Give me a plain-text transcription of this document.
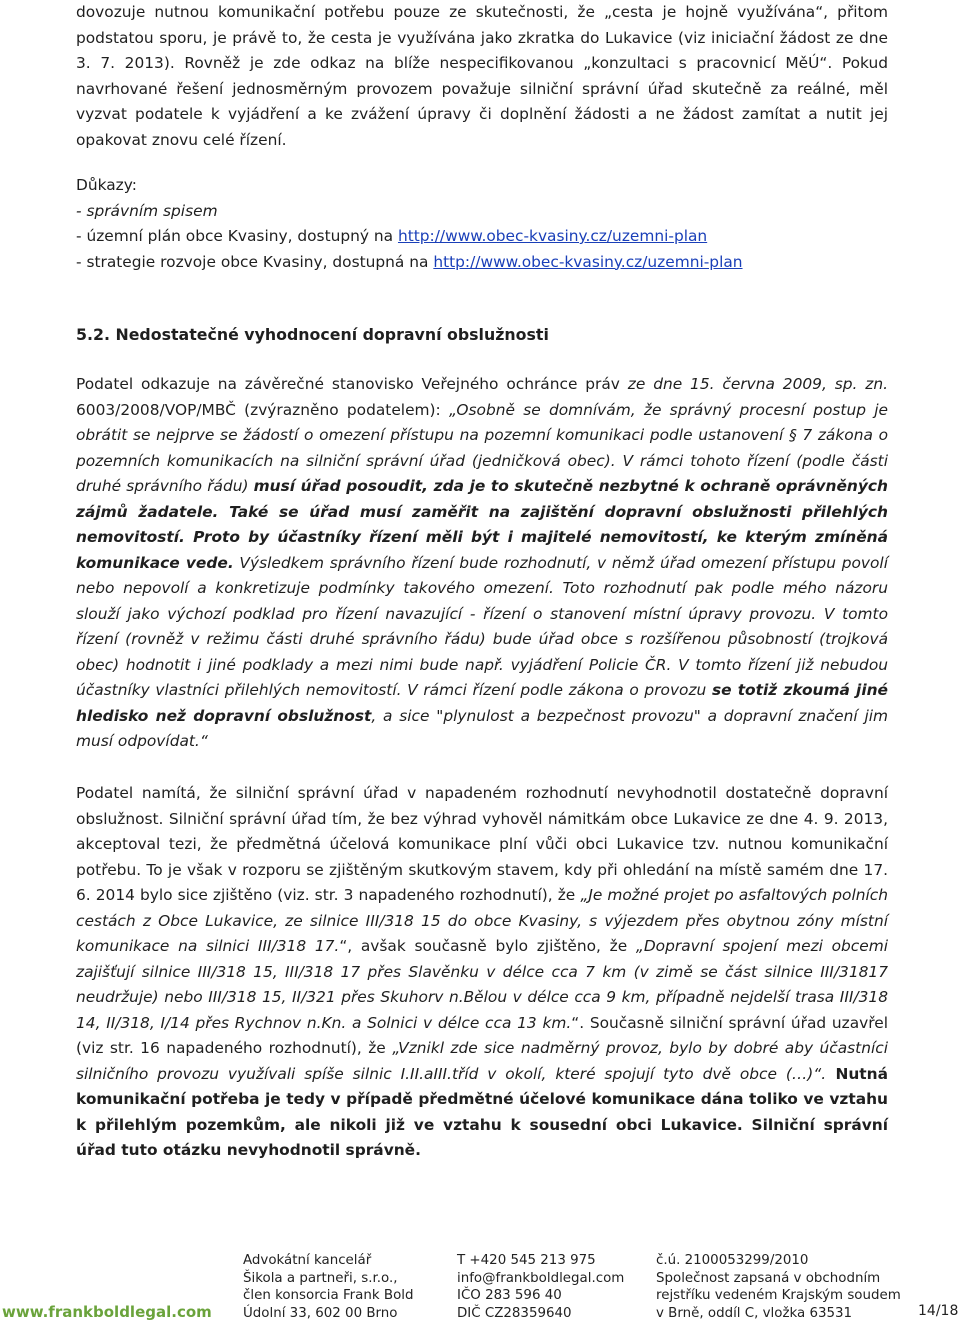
dovozuje nutnou komunikační potřebu pouze ze skutečnosti, že „cesta je hojně využívána“, přitom podstatou sporu, je právě to, že cesta je využívána jako zkratka do Lukavice (viz iniciační žádost ze dne 3. 7. 2013). Rovněž je zde odkaz na blíže nespecifikovanou „konzultaci s pracovnicí MěÚ“. Pokud navrhované řešení jednosměrným provozem považuje silniční správní úřad skutečně za reálné, měl vyzvat podatele k vyjádření a ke zvážení úpravy či doplnění žádosti a ne žádost zamítat a nutit jej opakovat znovu celé řízení.

Důkazy:
- správním spisem
- územní plán obce Kvasiny, dostupný na http://www.obec-kvasiny.cz/uzemni-plan
- strategie rozvoje obce Kvasiny, dostupná na http://www.obec-kvasiny.cz/uzemni-plan
5.2. Nedostatečné vyhodnocení dopravní obslužnosti

Podatel odkazuje na závěrečné stanovisko Veřejného ochránce práv ze dne 15. června 2009, sp. zn. 6003/2008/VOP/MBČ (zvýrazněno podatelem): „Osobně se domnívám, že správný procesní postup je obrátit se nejprve se žádostí o omezení přístupu na pozemní komunikaci podle ustanovení § 7 zákona o pozemních komunikacích na silniční správní úřad (jedničková obec). V rámci tohoto řízení (podle části druhé správního řádu) musí úřad posoudit, zda je to skutečně nezbytné k ochraně oprávněných zájmů žadatele. Také se úřad musí zaměřit na zajištění dopravní obslužnosti přilehlých nemovitostí. Proto by účastníky řízení měli být i majitelé nemovitostí, ke kterým zmíněná komunikace vede. Výsledkem správního řízení bude rozhodnutí, v němž úřad omezení přístupu povolí nebo nepovolí a konkretizuje podmínky takového omezení. Toto rozhodnutí pak podle mého názoru slouží jako výchozí podklad pro řízení navazující - řízení o stanovení místní úpravy provozu. V tomto řízení (rovněž v režimu části druhé správního řádu) bude úřad obce s rozšířenou působností (trojková obec) hodnotit i jiné podklady a mezi nimi bude např. vyjádření Policie ČR. V tomto řízení již nebudou účastníky vlastníci přilehlých nemovitostí. V rámci řízení podle zákona o provozu se totiž zkoumá jiné hledisko než dopravní obslužnost, a sice "plynulost a bezpečnost provozu" a dopravní značení jim musí odpovídat.“

Podatel namítá, že silniční správní úřad v napadeném rozhodnutí nevyhodnotil dostatečně dopravní obslužnost. Silniční správní úřad tím, že bez výhrad vyhověl námitkám obce Lukavice ze dne 4. 9. 2013, akceptoval tezi, že předmětná účelová komunikace plní vůči obci Lukavice tzv. nutnou komunikační potřebu. To je však v rozporu se zjištěným skutkovým stavem, kdy při ohledání na místě samém dne 17. 6. 2014 bylo sice zjištěno (viz. str. 3 napadeného rozhodnutí), že „Je možné projet po asfaltových polních cestách z Obce Lukavice, ze silnice III/318 15 do obce Kvasiny, s výjezdem přes obytnou zóny místní komunikace na silnici III/318 17.“, avšak současně bylo zjištěno, že „Dopravní spojení mezi obcemi zajišťují silnice III/318 15, III/318 17 přes Slavěnku v délce cca 7 km (v zimě se část silnice III/31817 neudržuje) nebo III/318 15, II/321 přes Skuhorv n.Bělou v délce cca 9 km, případně nejdelší trasa III/318 14, II/318, I/14 přes Rychnov n.Kn. a Solnici v délce cca 13 km.“. Současně silniční správní úřad uzavřel (viz str. 16 napadeného rozhodnutí), že „Vznikl zde sice nadměrný provoz, bylo by dobré aby účastníci silničního provozu využívali spíše silnic I.II.aIII.tříd v okolí, které spojují tyto dvě obce (…)“. Nutná komunikační potřeba je tedy v případě předmětné účelové komunikace dána toliko ve vztahu k přilehlým pozemkům, ale nikoli již ve vztahu k sousední obci Lukavice. Silniční správní úřad tuto otázku nevyhodnotil správně.

www.frankboldlegal.com
Advokátní kancelář
Šikola a partneři, s.r.o.,
člen konsorcia Frank Bold
Údolní 33, 602 00 Brno
T +420 545 213 975
info@frankboldlegal.com
IČO 283 596 40
DIČ CZ28359640
č.ú. 2100053299/2010
Společnost zapsaná v obchodním
rejstříku vedeném Krajským soudem
v Brně, oddíl C, vložka 63531	14/18
